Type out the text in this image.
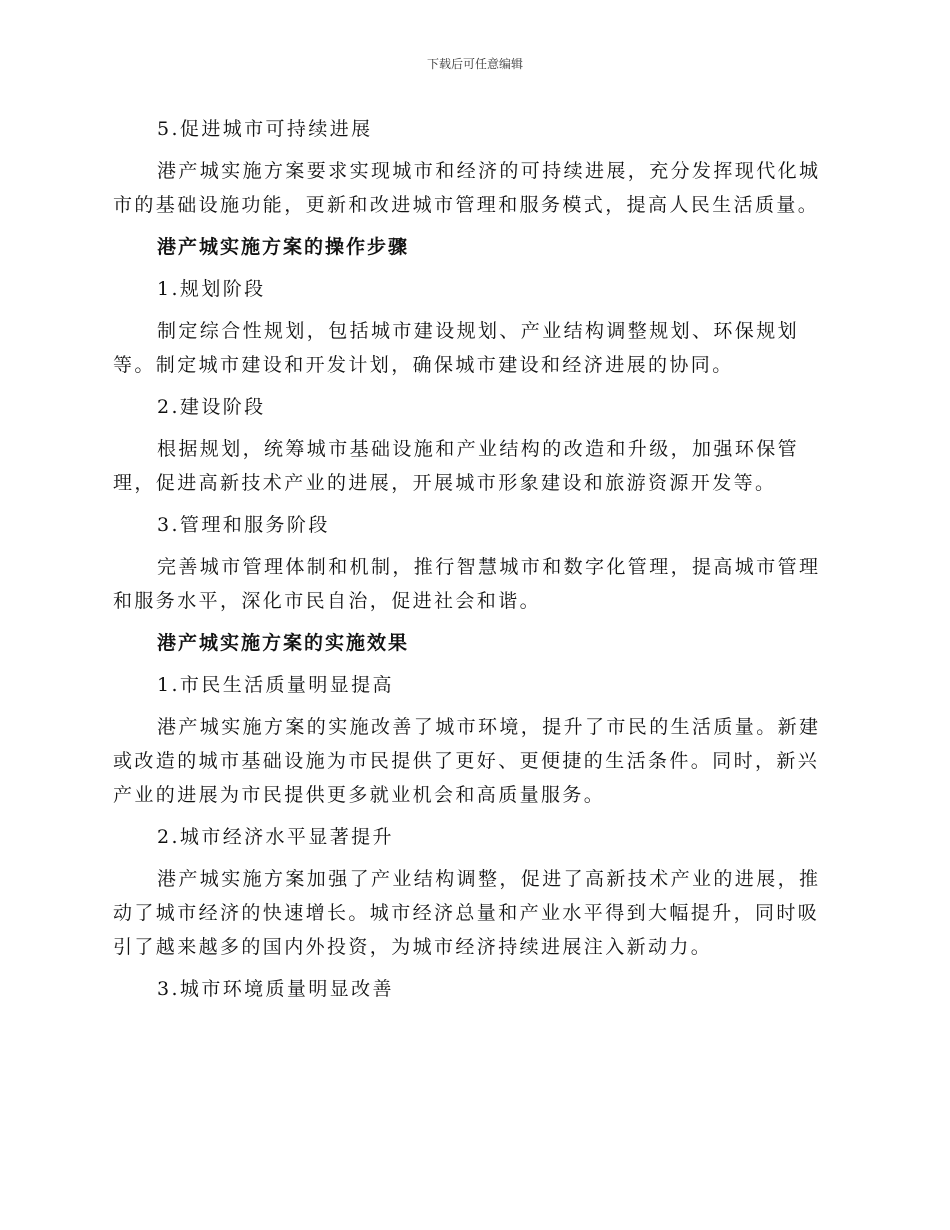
下载后可任意编辑

5.促进城市可持续进展

港产城实施方案要求实现城市和经济的可持续进展，充分发挥现代化城市的基础设施功能，更新和改进城市管理和服务模式，提高人民生活质量。

港产城实施方案的操作步骤

1.规划阶段

制定综合性规划，包括城市建设规划、产业结构调整规划、环保规划等。制定城市建设和开发计划，确保城市建设和经济进展的协同。

2.建设阶段

根据规划，统筹城市基础设施和产业结构的改造和升级，加强环保管理，促进高新技术产业的进展，开展城市形象建设和旅游资源开发等。

3.管理和服务阶段

完善城市管理体制和机制，推行智慧城市和数字化管理，提高城市管理和服务水平，深化市民自治，促进社会和谐。

港产城实施方案的实施效果

1.市民生活质量明显提高

港产城实施方案的实施改善了城市环境，提升了市民的生活质量。新建或改造的城市基础设施为市民提供了更好、更便捷的生活条件。同时，新兴产业的进展为市民提供更多就业机会和高质量服务。

2.城市经济水平显著提升

港产城实施方案加强了产业结构调整，促进了高新技术产业的进展，推动了城市经济的快速增长。城市经济总量和产业水平得到大幅提升，同时吸引了越来越多的国内外投资，为城市经济持续进展注入新动力。

3.城市环境质量明显改善
